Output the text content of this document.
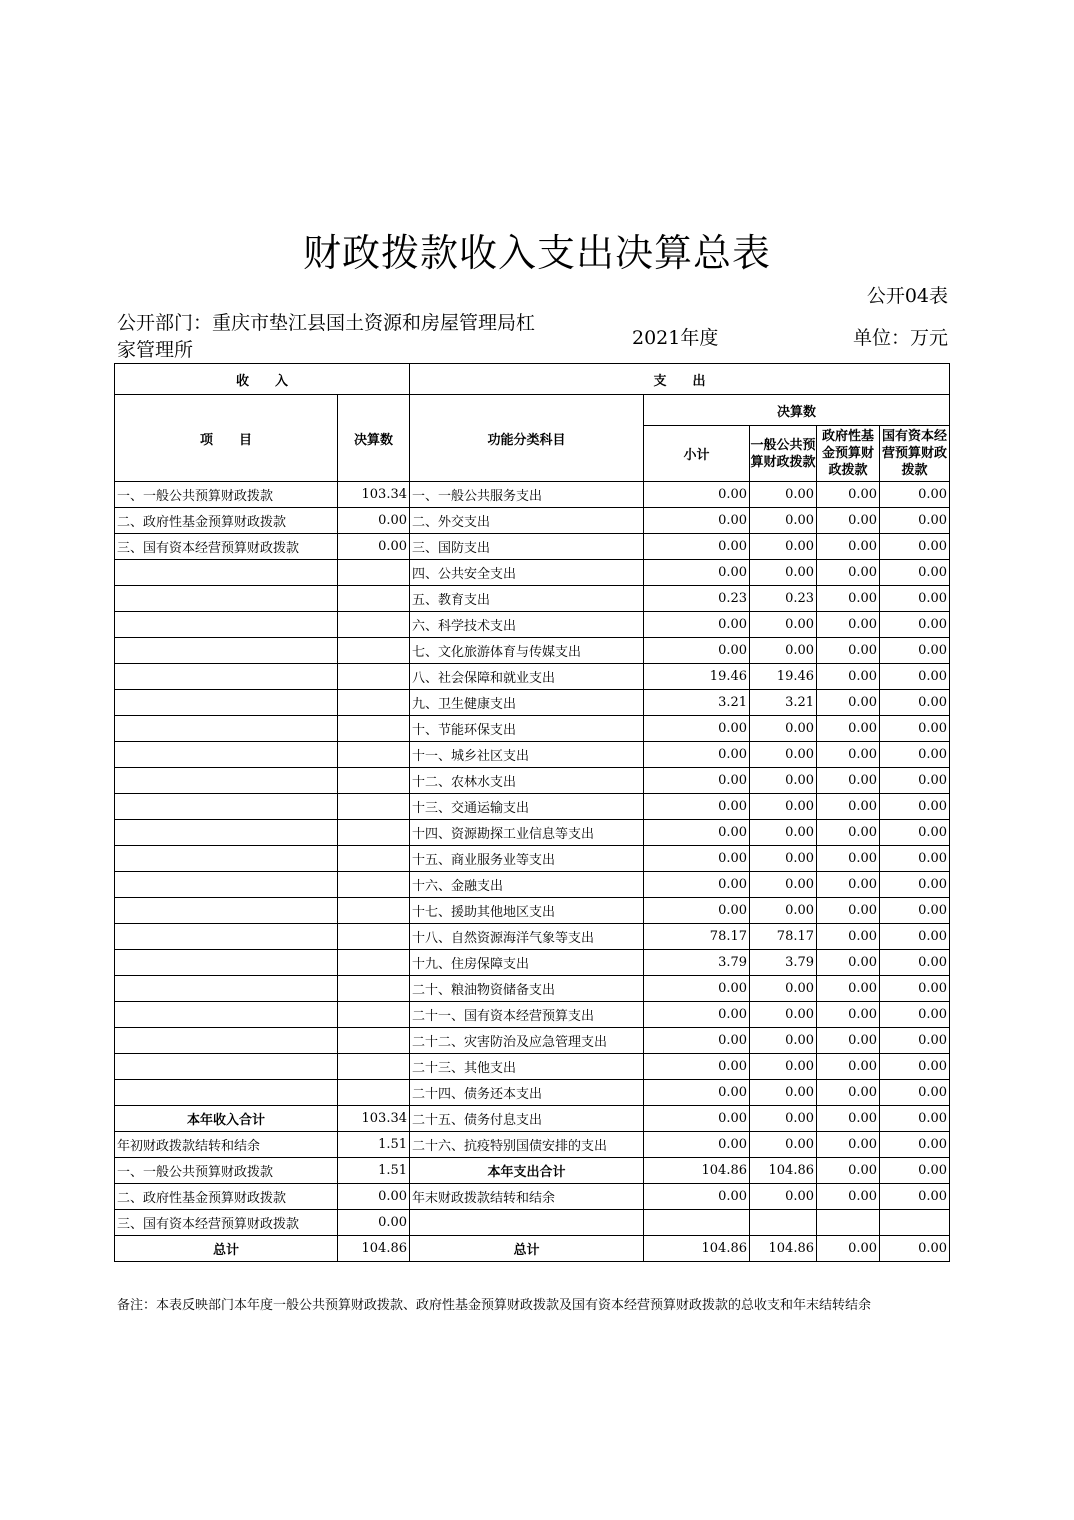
财政拨款收入支出决算总表
公开04表
公开部门：重庆市垫江县国土资源和房屋管理局杠家管理所
2021年度	单位：万元
收　　入		支　　出				
项　　目	决算数	功能分类科目	决算数			
			小计	一般公共预算财政拨款	政府性基金预算财政拨款	国有资本经营预算财政拨款
一、一般公共预算财政拨款	103.34	一、一般公共服务支出	0.00	0.00	0.00	0.00
二、政府性基金预算财政拨款	0.00	二、外交支出	0.00	0.00	0.00	0.00
三、国有资本经营预算财政拨款	0.00	三、国防支出	0.00	0.00	0.00	0.00
		四、公共安全支出	0.00	0.00	0.00	0.00
		五、教育支出	0.23	0.23	0.00	0.00
		六、科学技术支出	0.00	0.00	0.00	0.00
		七、文化旅游体育与传媒支出	0.00	0.00	0.00	0.00
		八、社会保障和就业支出	19.46	19.46	0.00	0.00
		九、卫生健康支出	3.21	3.21	0.00	0.00
		十、节能环保支出	0.00	0.00	0.00	0.00
		十一、城乡社区支出	0.00	0.00	0.00	0.00
		十二、农林水支出	0.00	0.00	0.00	0.00
		十三、交通运输支出	0.00	0.00	0.00	0.00
		十四、资源勘探工业信息等支出	0.00	0.00	0.00	0.00
		十五、商业服务业等支出	0.00	0.00	0.00	0.00
		十六、金融支出	0.00	0.00	0.00	0.00
		十七、援助其他地区支出	0.00	0.00	0.00	0.00
		十八、自然资源海洋气象等支出	78.17	78.17	0.00	0.00
		十九、住房保障支出	3.79	3.79	0.00	0.00
		二十、粮油物资储备支出	0.00	0.00	0.00	0.00
		二十一、国有资本经营预算支出	0.00	0.00	0.00	0.00
		二十二、灾害防治及应急管理支出	0.00	0.00	0.00	0.00
		二十三、其他支出	0.00	0.00	0.00	0.00
		二十四、债务还本支出	0.00	0.00	0.00	0.00
本年收入合计	103.34	二十五、债务付息支出	0.00	0.00	0.00	0.00
年初财政拨款结转和结余	1.51	二十六、抗疫特别国债安排的支出	0.00	0.00	0.00	0.00
一、一般公共预算财政拨款	1.51	本年支出合计	104.86	104.86	0.00	0.00
二、政府性基金预算财政拨款	0.00	年末财政拨款结转和结余	0.00	0.00	0.00	0.00
三、国有资本经营预算财政拨款	0.00					
总计	104.86	总计	104.86	104.86	0.00	0.00
备注：本表反映部门本年度一般公共预算财政拨款、政府性基金预算财政拨款及国有资本经营预算财政拨款的总收支和年末结转结余
